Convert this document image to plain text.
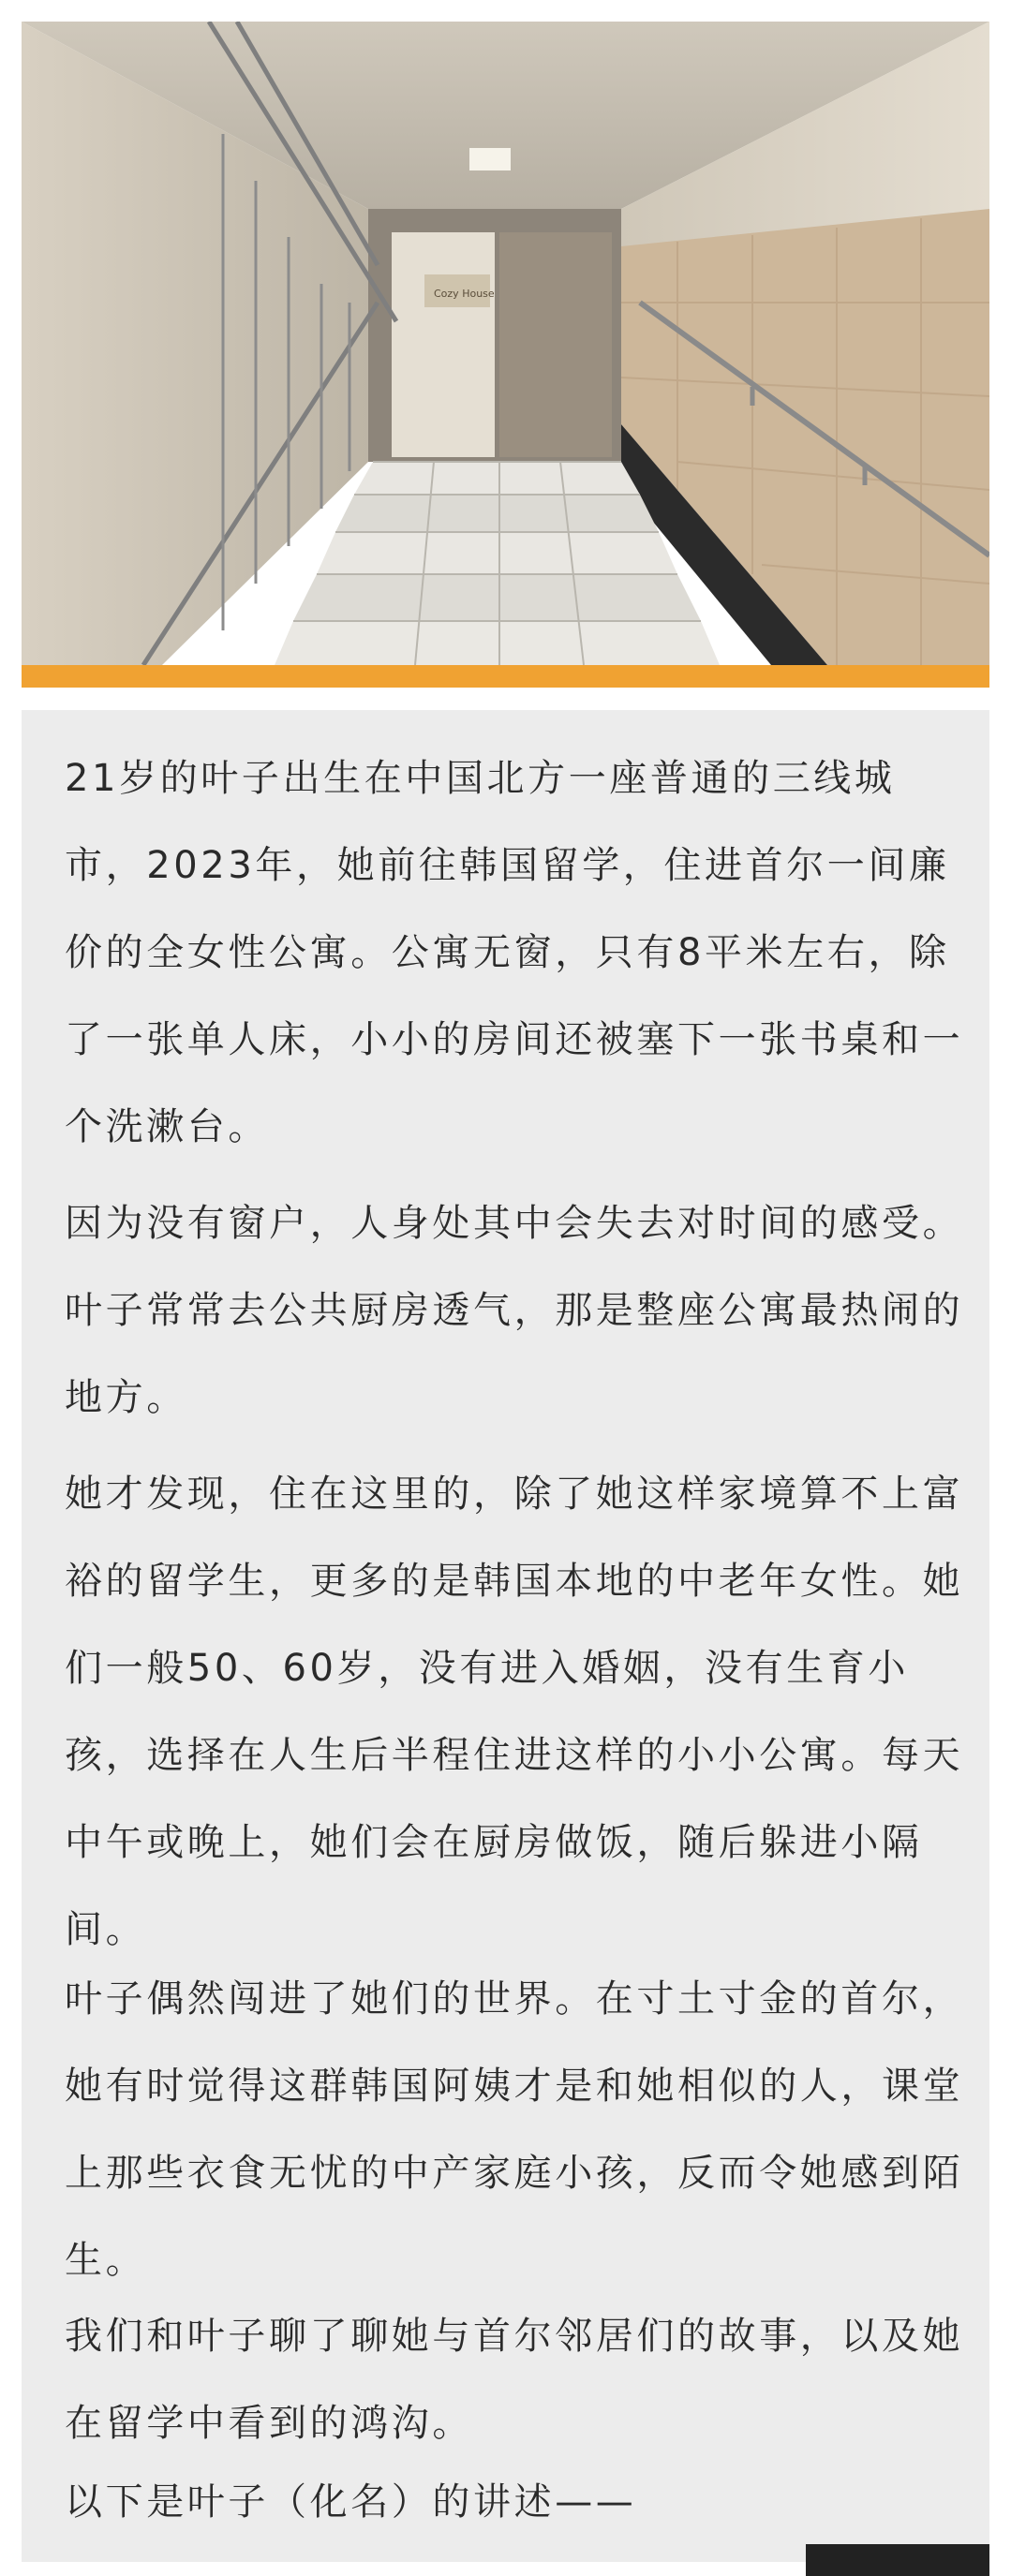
Cozy House

21岁的叶子出生在中国北方一座普通的三线城市，2023年，她前往韩国留学，住进首尔一间廉价的全女性公寓。公寓无窗，只有8平米左右，除了一张单人床，小小的房间还被塞下一张书桌和一个洗漱台。

因为没有窗户，人身处其中会失去对时间的感受。叶子常常去公共厨房透气，那是整座公寓最热闹的地方。

她才发现，住在这里的，除了她这样家境算不上富裕的留学生，更多的是韩国本地的中老年女性。她们一般50、60岁，没有进入婚姻，没有生育小孩，选择在人生后半程住进这样的小小公寓。每天中午或晚上，她们会在厨房做饭，随后躲进小隔间。

叶子偶然闯进了她们的世界。在寸土寸金的首尔，她有时觉得这群韩国阿姨才是和她相似的人，课堂上那些衣食无忧的中产家庭小孩，反而令她感到陌生。

我们和叶子聊了聊她与首尔邻居们的故事，以及她在留学中看到的鸿沟。

以下是叶子（化名）的讲述——
